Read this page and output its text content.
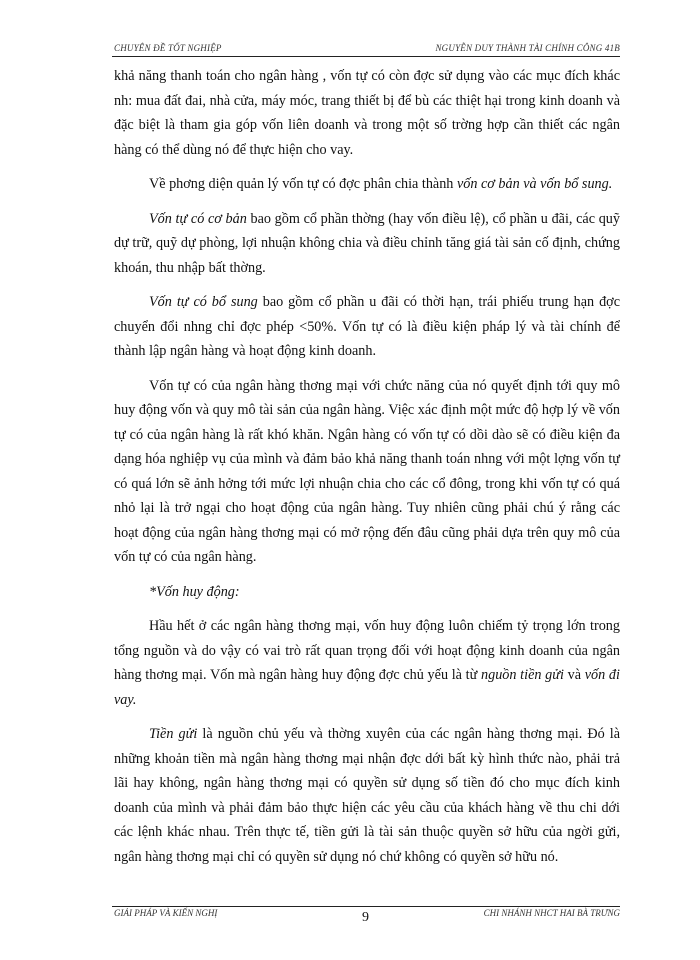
CHUYÊN ĐỀ TỐT NGHIỆP	NGUYỄN DUY THÀNH TÀI CHÍNH CÔNG 41B

khả năng thanh toán cho ngân hàng , vốn tự có còn đợc sử dụng vào các mục đích khác nh: mua đất đai, nhà cửa, máy móc, trang thiết bị để bù các thiệt hại trong kinh doanh và đặc biệt là tham gia góp vốn liên doanh và trong một số trờng hợp cần thiết các ngân hàng có thể dùng nó để thực hiện cho vay.

Về phơng diện quản lý vốn tự có đợc phân chia thành vốn cơ bản và vốn bổ sung.

Vốn tự có cơ bản bao gồm cổ phần thờng (hay vốn điều lệ), cổ phần u đãi, các quỹ dự trữ, quỹ dự phòng, lợi nhuận không chia và điều chỉnh tăng giá tài sản cố định, chứng khoán, thu nhập bất thờng.

Vốn tự có bổ sung bao gồm cổ phần u đãi có thời hạn, trái phiếu trung hạn đợc chuyển đổi nhng chỉ đợc phép <50%. Vốn tự có là điều kiện pháp lý và tài chính để thành lập ngân hàng và hoạt động kinh doanh.

Vốn tự có của ngân hàng thơng mại với chức năng của nó quyết định tới quy mô huy động vốn và quy mô tài sản của ngân hàng. Việc xác định một mức độ hợp lý về vốn tự có của ngân hàng là rất khó khăn. Ngân hàng có vốn tự có dồi dào sẽ có điều kiện đa dạng hóa nghiệp vụ của mình và đảm bảo khả năng thanh toán nhng với một lợng vốn tự có quá lớn sẽ ảnh hởng tới mức lợi nhuận chia cho các cổ đông, trong khi vốn tự có quá nhỏ lại là trở ngại cho hoạt động của ngân hàng. Tuy nhiên cũng phải chú ý rằng các hoạt động của ngân hàng thơng mại có mở rộng đến đâu cũng phải dựa trên quy mô của vốn tự có của ngân hàng.

*Vốn huy động:

Hầu hết ở các ngân hàng thơng mại, vốn huy động luôn chiếm tỷ trọng lớn trong tổng nguồn và do vậy có vai trò rất quan trọng đối với hoạt động kinh doanh của ngân hàng thơng mại. Vốn mà ngân hàng huy động đợc chủ yếu là từ nguồn tiền gửi và vốn đi vay.

Tiền gửi là nguồn chủ yếu và thờng xuyên của các ngân hàng thơng mại. Đó là những khoản tiền mà ngân hàng thơng mại nhận đợc dới bất kỳ hình thức nào, phải trả lãi hay không, ngân hàng thơng mại có quyền sử dụng số tiền đó cho mục đích kinh doanh của mình và phải đảm bảo thực hiện các yêu cầu của khách hàng về thu chi dới các lệnh khác nhau. Trên thực tế, tiền gửi là tài sản thuộc quyền sở hữu của ngời gửi, ngân hàng thơng mại chỉ có quyền sử dụng nó chứ không có quyền sở hữu nó.

GIẢI PHÁP VÀ KIẾN NGHỊ	9	CHI NHÁNH NHCT HAI BÀ TRƯNG
